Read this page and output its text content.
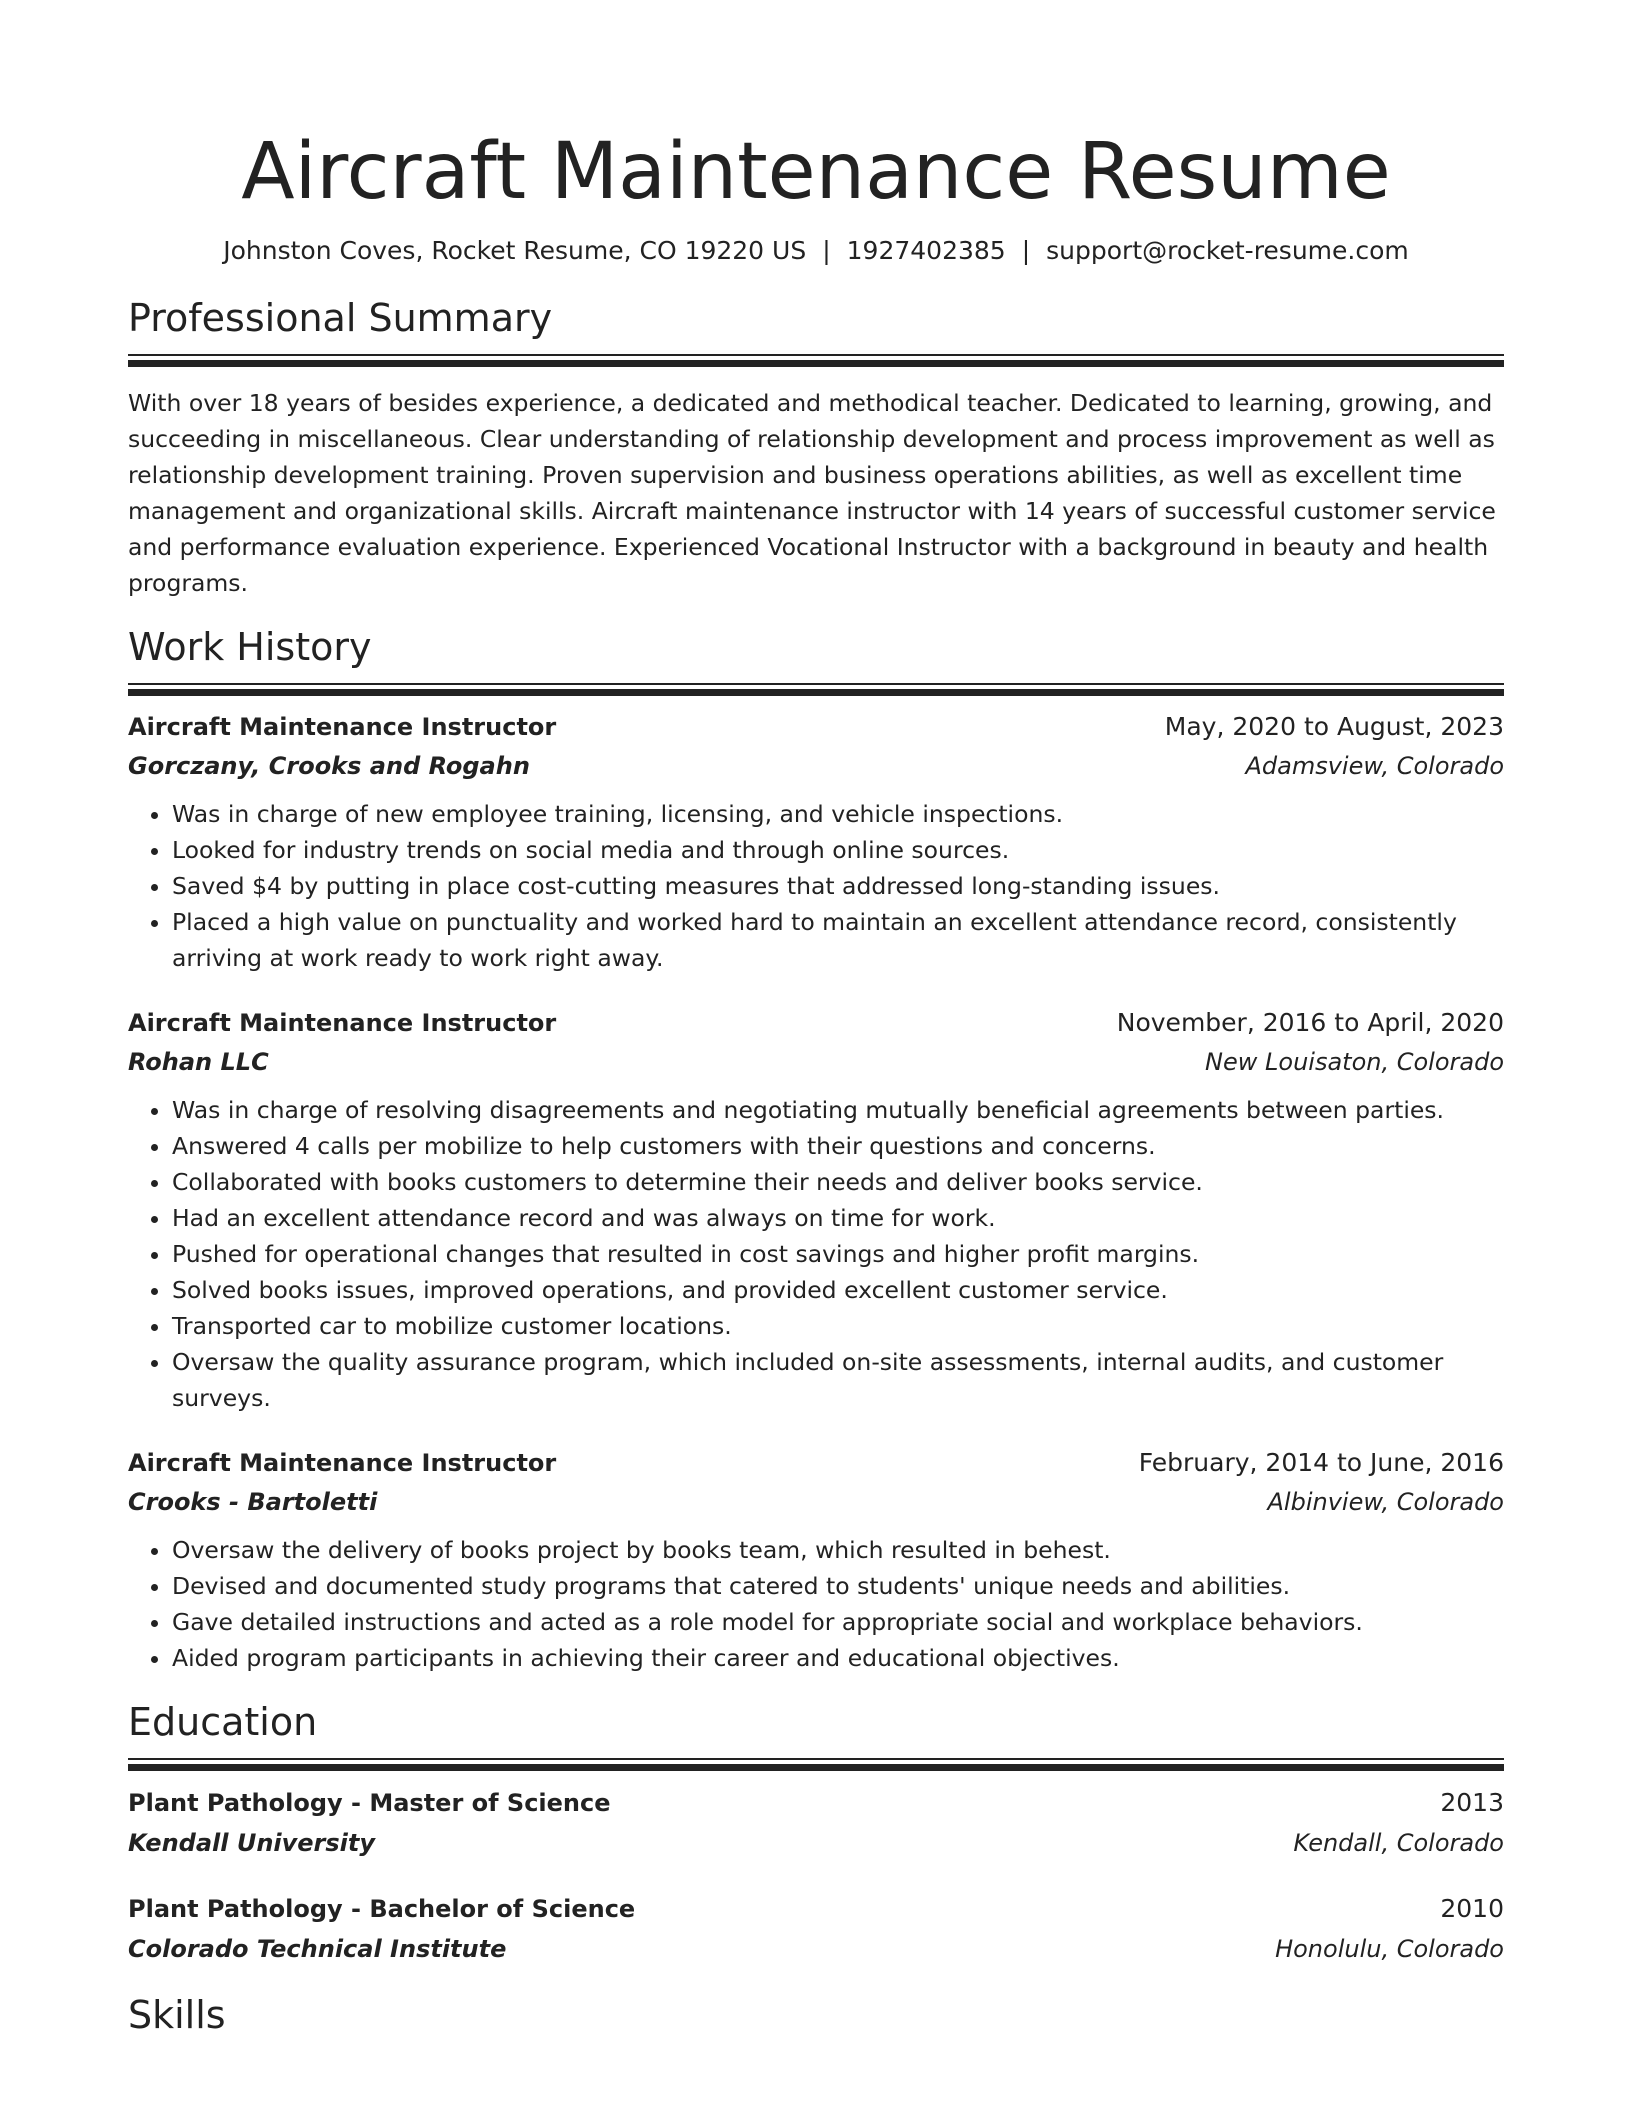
Aircraft Maintenance Resume
Johnston Coves, Rocket Resume, CO 19220 US | 1927402385 | support@rocket-resume.com
Professional Summary

With over 18 years of besides experience, a dedicated and methodical teacher. Dedicated to learning, growing, and succeeding in miscellaneous. Clear understanding of relationship development and process improvement as well as relationship development training. Proven supervision and business operations abilities, as well as excellent time management and organizational skills. Aircraft maintenance instructor with 14 years of successful customer service and performance evaluation experience. Experienced Vocational Instructor with a background in beauty and health programs.

Work History
Aircraft Maintenance Instructor	May, 2020 to August, 2023
Gorczany, Crooks and Rogahn	Adamsview, Colorado
• Was in charge of new employee training, licensing, and vehicle inspections.
• Looked for industry trends on social media and through online sources.
• Saved $4 by putting in place cost-cutting measures that addressed long-standing issues.
• Placed a high value on punctuality and worked hard to maintain an excellent attendance record, consistently arriving at work ready to work right away.
Aircraft Maintenance Instructor	November, 2016 to April, 2020
Rohan LLC	New Louisaton, Colorado
• Was in charge of resolving disagreements and negotiating mutually beneficial agreements between parties.
• Answered 4 calls per mobilize to help customers with their questions and concerns.
• Collaborated with books customers to determine their needs and deliver books service.
• Had an excellent attendance record and was always on time for work.
• Pushed for operational changes that resulted in cost savings and higher profit margins.
• Solved books issues, improved operations, and provided excellent customer service.
• Transported car to mobilize customer locations.
• Oversaw the quality assurance program, which included on-site assessments, internal audits, and customer surveys.
Aircraft Maintenance Instructor	February, 2014 to June, 2016
Crooks - Bartoletti	Albinview, Colorado
• Oversaw the delivery of books project by books team, which resulted in behest.
• Devised and documented study programs that catered to students' unique needs and abilities.
• Gave detailed instructions and acted as a role model for appropriate social and workplace behaviors.
• Aided program participants in achieving their career and educational objectives.
Education
Plant Pathology - Master of Science	2013
Kendall University	Kendall, Colorado
Plant Pathology - Bachelor of Science	2010
Colorado Technical Institute	Honolulu, Colorado
Skills
